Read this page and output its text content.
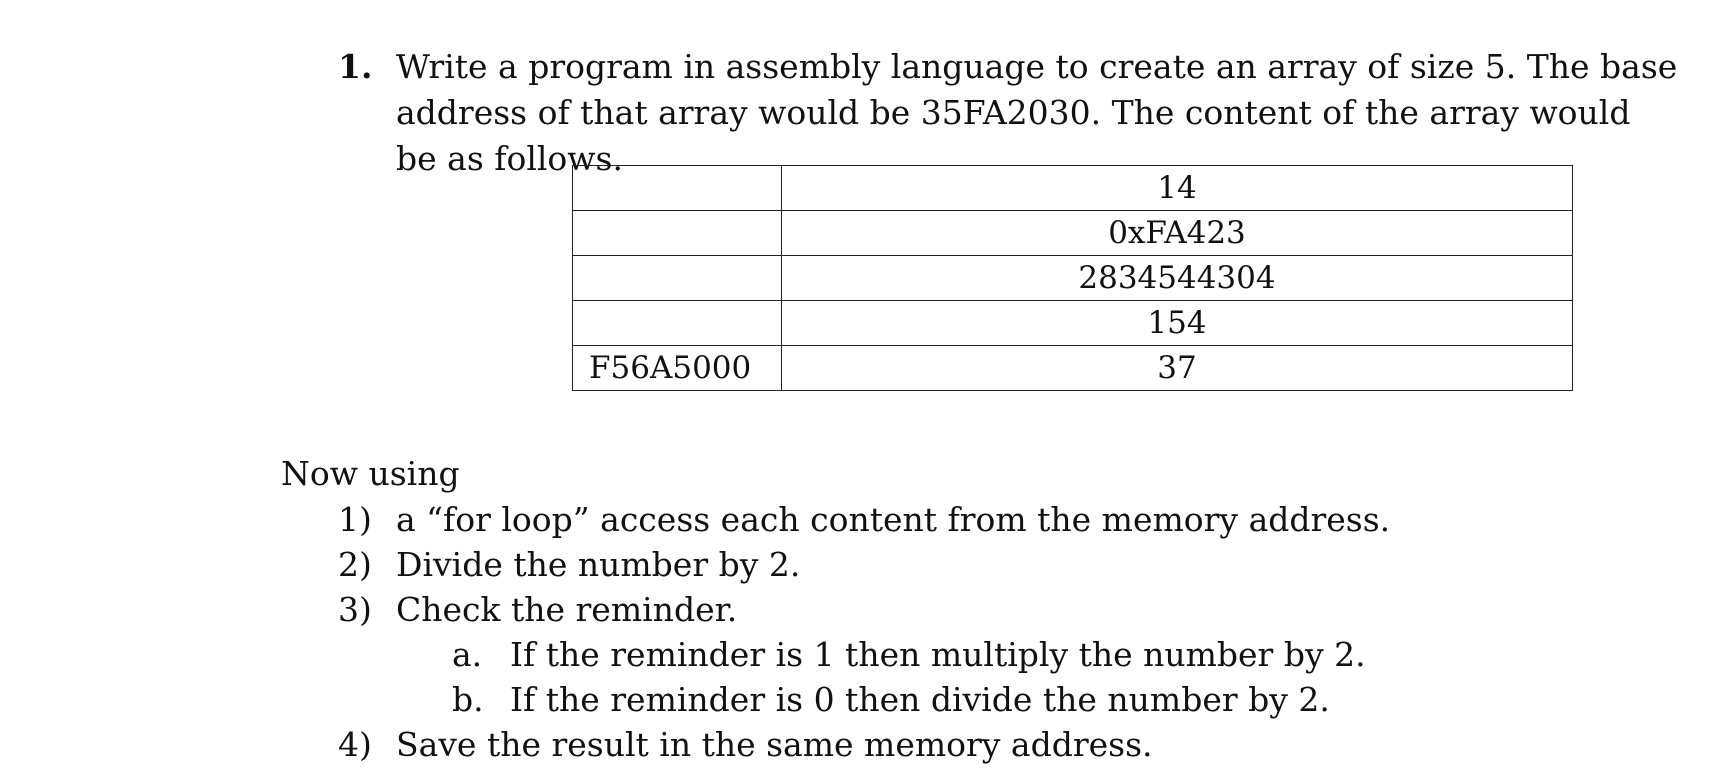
1. Write a program in assembly language to create an array of size 5. The base address of that array would be 35FA2030. The content of the array would be as follows.
	14
	0xFA423
	2834544304
	154
F56A5000	37
Now using
1) a “for loop” access each content from the memory address.
2) Divide the number by 2.
3) Check the reminder.
a. If the reminder is 1 then multiply the number by 2.
b. If the reminder is 0 then divide the number by 2.
4) Save the result in the same memory address.
